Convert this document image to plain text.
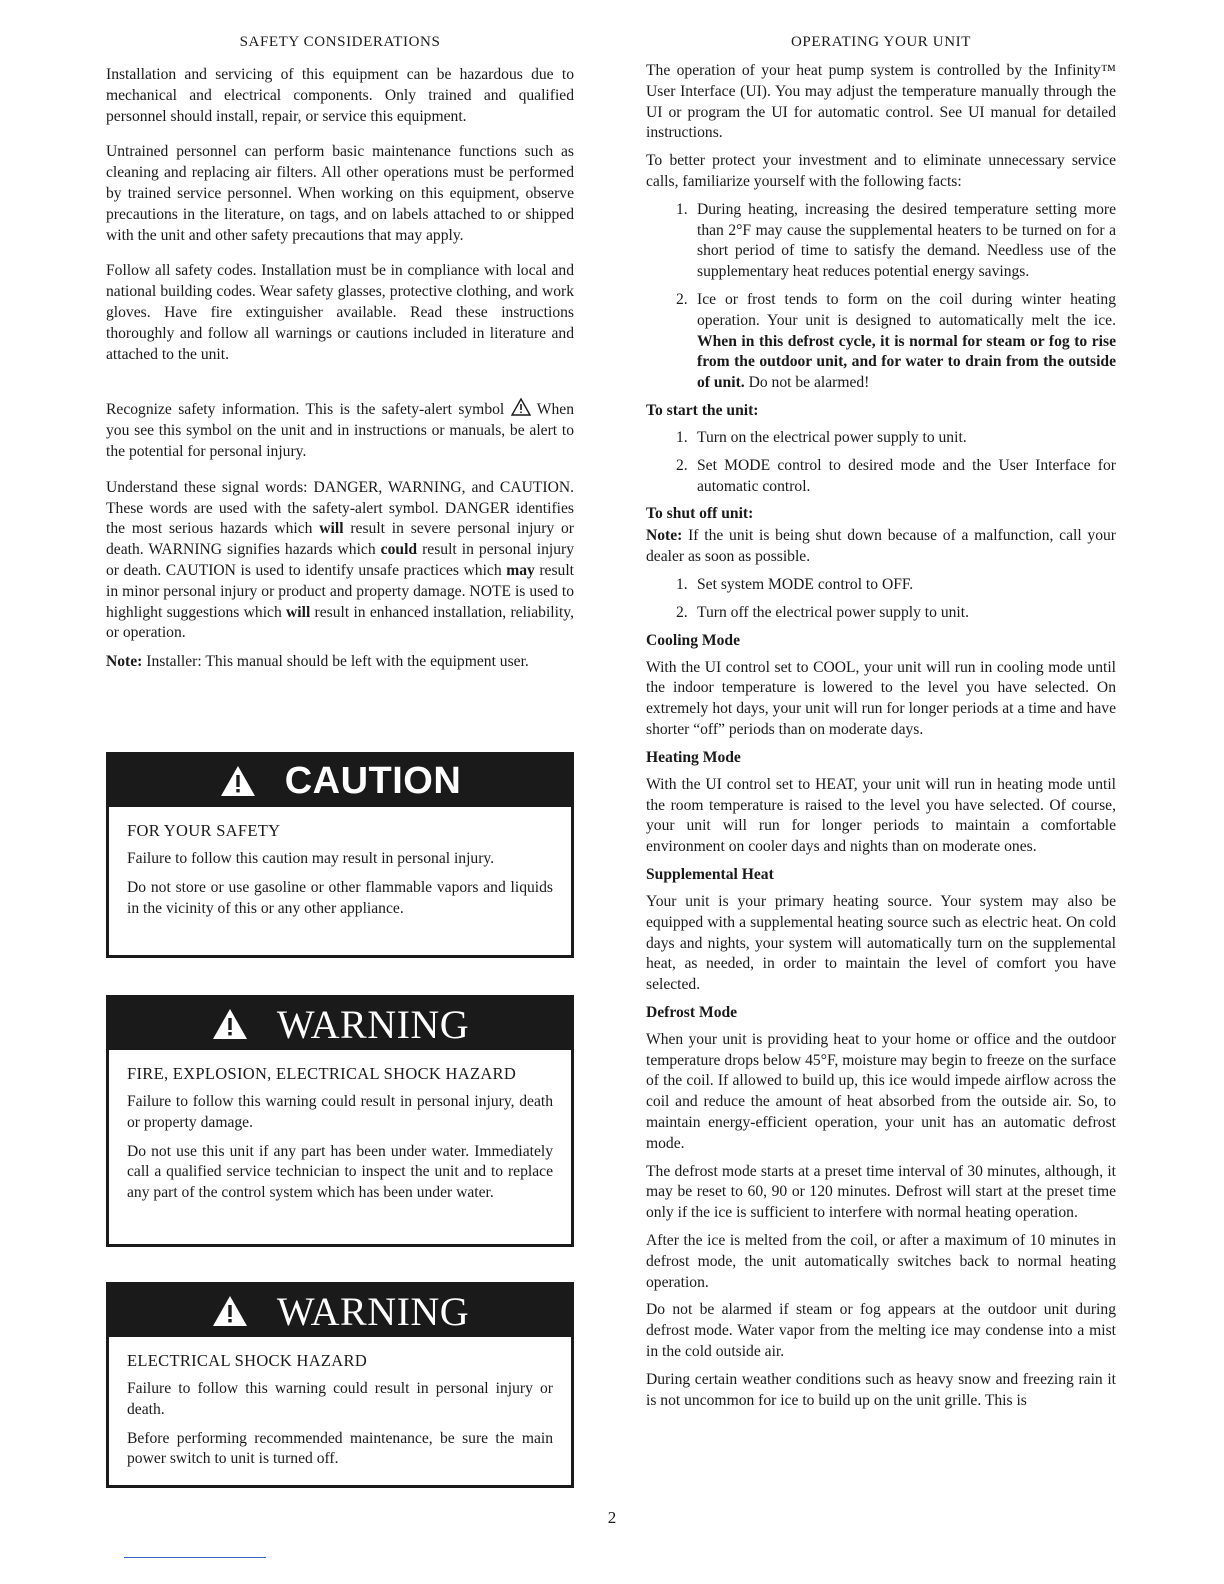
SAFETY CONSIDERATIONS

Installation and servicing of this equipment can be hazardous due to mechanical and electrical components. Only trained and qualified personnel should install, repair, or service this equipment.

Untrained personnel can perform basic maintenance functions such as cleaning and replacing air filters. All other operations must be performed by trained service personnel. When working on this equipment, observe precautions in the literature, on tags, and on labels attached to or shipped with the unit and other safety precautions that may apply.

Follow all safety codes. Installation must be in compliance with local and national building codes. Wear safety glasses, protective clothing, and work gloves. Have fire extinguisher available. Read these instructions thoroughly and follow all warnings or cautions included in literature and attached to the unit.

Recognize safety information. This is the safety-alert symbol When you see this symbol on the unit and in instructions or manuals, be alert to the potential for personal injury.

Understand these signal words: DANGER, WARNING, and CAUTION. These words are used with the safety-alert symbol. DANGER identifies the most serious hazards which will result in severe personal injury or death. WARNING signifies hazards which could result in personal injury or death. CAUTION is used to identify unsafe practices which may result in minor personal injury or product and property damage. NOTE is used to highlight suggestions which will result in enhanced installation, reliability, or operation.

Note: Installer: This manual should be left with the equipment user.

CAUTION
FOR YOUR SAFETY

Failure to follow this caution may result in personal injury.

Do not store or use gasoline or other flammable vapors and liquids in the vicinity of this or any other appliance.

WARNING
FIRE, EXPLOSION, ELECTRICAL SHOCK HAZARD

Failure to follow this warning could result in personal injury, death or property damage.

Do not use this unit if any part has been under water. Immediately call a qualified service technician to inspect the unit and to replace any part of the control system which has been under water.

WARNING
ELECTRICAL SHOCK HAZARD

Failure to follow this warning could result in personal injury or death.

Before performing recommended maintenance, be sure the main power switch to unit is turned off.

OPERATING YOUR UNIT

The operation of your heat pump system is controlled by the Infinity™ User Interface (UI). You may adjust the temperature manually through the UI or program the UI for automatic control. See UI manual for detailed instructions.

To better protect your investment and to eliminate unnecessary service calls, familiarize yourself with the following facts:

1. During heating, increasing the desired temperature setting more than 2°F may cause the supplemental heaters to be turned on for a short period of time to satisfy the demand. Needless use of the supplementary heat reduces potential energy savings.
2. Ice or frost tends to form on the coil during winter heating operation. Your unit is designed to automatically melt the ice. When in this defrost cycle, it is normal for steam or fog to rise from the outdoor unit, and for water to drain from the outside of unit. Do not be alarmed!
To start the unit:
1. Turn on the electrical power supply to unit.
2. Set MODE control to desired mode and the User Interface for automatic control.
To shut off unit:

Note: If the unit is being shut down because of a malfunction, call your dealer as soon as possible.

1. Set system MODE control to OFF.
2. Turn off the electrical power supply to unit.
Cooling Mode

With the UI control set to COOL, your unit will run in cooling mode until the indoor temperature is lowered to the level you have selected. On extremely hot days, your unit will run for longer periods at a time and have shorter “off” periods than on moderate days.

Heating Mode

With the UI control set to HEAT, your unit will run in heating mode until the room temperature is raised to the level you have selected. Of course, your unit will run for longer periods to maintain a comfortable environment on cooler days and nights than on moderate ones.

Supplemental Heat

Your unit is your primary heating source. Your system may also be equipped with a supplemental heating source such as electric heat. On cold days and nights, your system will automatically turn on the supplemental heat, as needed, in order to maintain the level of comfort you have selected.

Defrost Mode

When your unit is providing heat to your home or office and the outdoor temperature drops below 45°F, moisture may begin to freeze on the surface of the coil. If allowed to build up, this ice would impede airflow across the coil and reduce the amount of heat absorbed from the outside air. So, to maintain energy-efficient operation, your unit has an automatic defrost mode.

The defrost mode starts at a preset time interval of 30 minutes, although, it may be reset to 60, 90 or 120 minutes. Defrost will start at the preset time only if the ice is sufficient to interfere with normal heating operation.

After the ice is melted from the coil, or after a maximum of 10 minutes in defrost mode, the unit automatically switches back to normal heating operation.

Do not be alarmed if steam or fog appears at the outdoor unit during defrost mode. Water vapor from the melting ice may condense into a mist in the cold outside air.

During certain weather conditions such as heavy snow and freezing rain it is not uncommon for ice to build up on the unit grille. This is

2
